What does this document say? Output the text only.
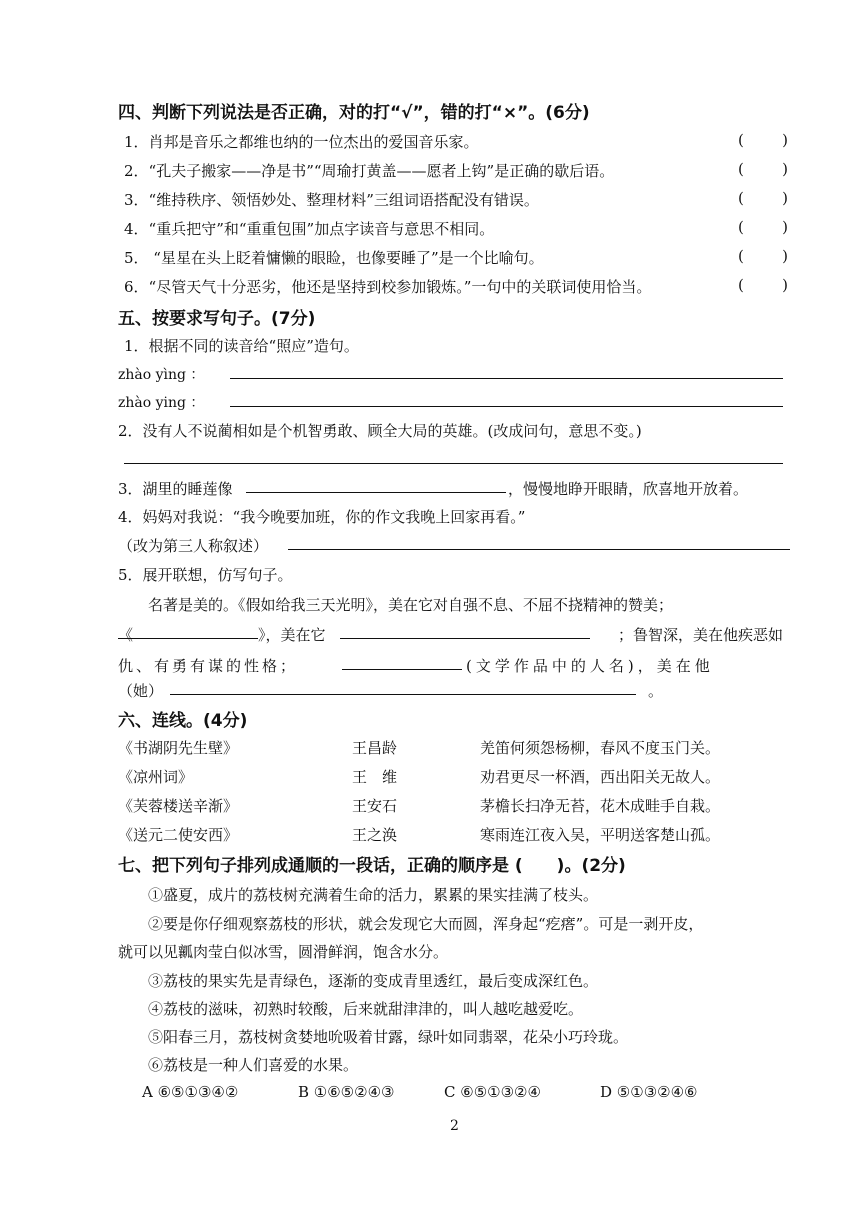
四、判断下列说法是否正确，对的打“√”，错的打“×”。(6分)
1．肖邦是音乐之都维也纳的一位杰出的爱国音乐家。
2．“孔夫子搬家——净是书”“周瑜打黄盖——愿者上钩”是正确的歇后语。
3．“维持秩序、领悟妙处、整理材料”三组词语搭配没有错误。
4．“重兵把守”和“重重包围”加点字读音与意思不相同。
5． “星星在头上眨着慵懒的眼睑，也像要睡了”是一个比喻句。
6．“尽管天气十分恶劣，他还是坚持到校参加锻炼。”一句中的关联词使用恰当。
五、按要求写句子。(7分)
1．根据不同的读音给“照应”造句。
zhào yìng ：
zhào ying ：
2．没有人不说蔺相如是个机智勇敢、顾全大局的英雄。(改成问句，意思不变。)
3．湖里的睡莲像	，慢慢地睁开眼睛，欣喜地开放着。
4．妈妈对我说：“我今晚要加班，你的作文我晚上回家再看。”
（改为第三人称叙述）
5．展开联想，仿写句子。
名著是美的。《假如给我三天光明》，美在它对自强不息、不屈不挠精神的赞美；
《	》，美在它	；鲁智深，美在他疾恶如
仇、有勇有谋的性格；	(文学作品中的人名)，美在他
（她）	。
六、连线。(4分)
《书湖阴先生壁》	王昌龄	羌笛何须怨杨柳，春风不度玉门关。
《凉州词》	王　维	劝君更尽一杯酒，西出阳关无故人。
《芙蓉楼送辛渐》	王安石	茅檐长扫净无苔，花木成畦手自栽。
《送元二使安西》	王之涣	寒雨连江夜入吴，平明送客楚山孤。
七、把下列句子排列成通顺的一段话，正确的顺序是 (　　)。(2分)
①盛夏，成片的荔枝树充满着生命的活力，累累的果实挂满了枝头。
②要是你仔细观察荔枝的形状，就会发现它大而圆，浑身起“疙瘩”。可是一剥开皮，
就可以见瓤肉莹白似冰雪，圆滑鲜润，饱含水分。
③荔枝的果实先是青绿色，逐渐的变成青里透红，最后变成深红色。
④荔枝的滋味，初熟时较酸，后来就甜津津的，叫人越吃越爱吃。
⑤阳春三月，荔枝树贪婪地吮吸着甘露，绿叶如同翡翠，花朵小巧玲珑。
⑥荔枝是一种人们喜爱的水果。
A ⑥⑤①③④②	B ①⑥⑤②④③	C ⑥⑤①③②④	D ⑤①③②④⑥
2
